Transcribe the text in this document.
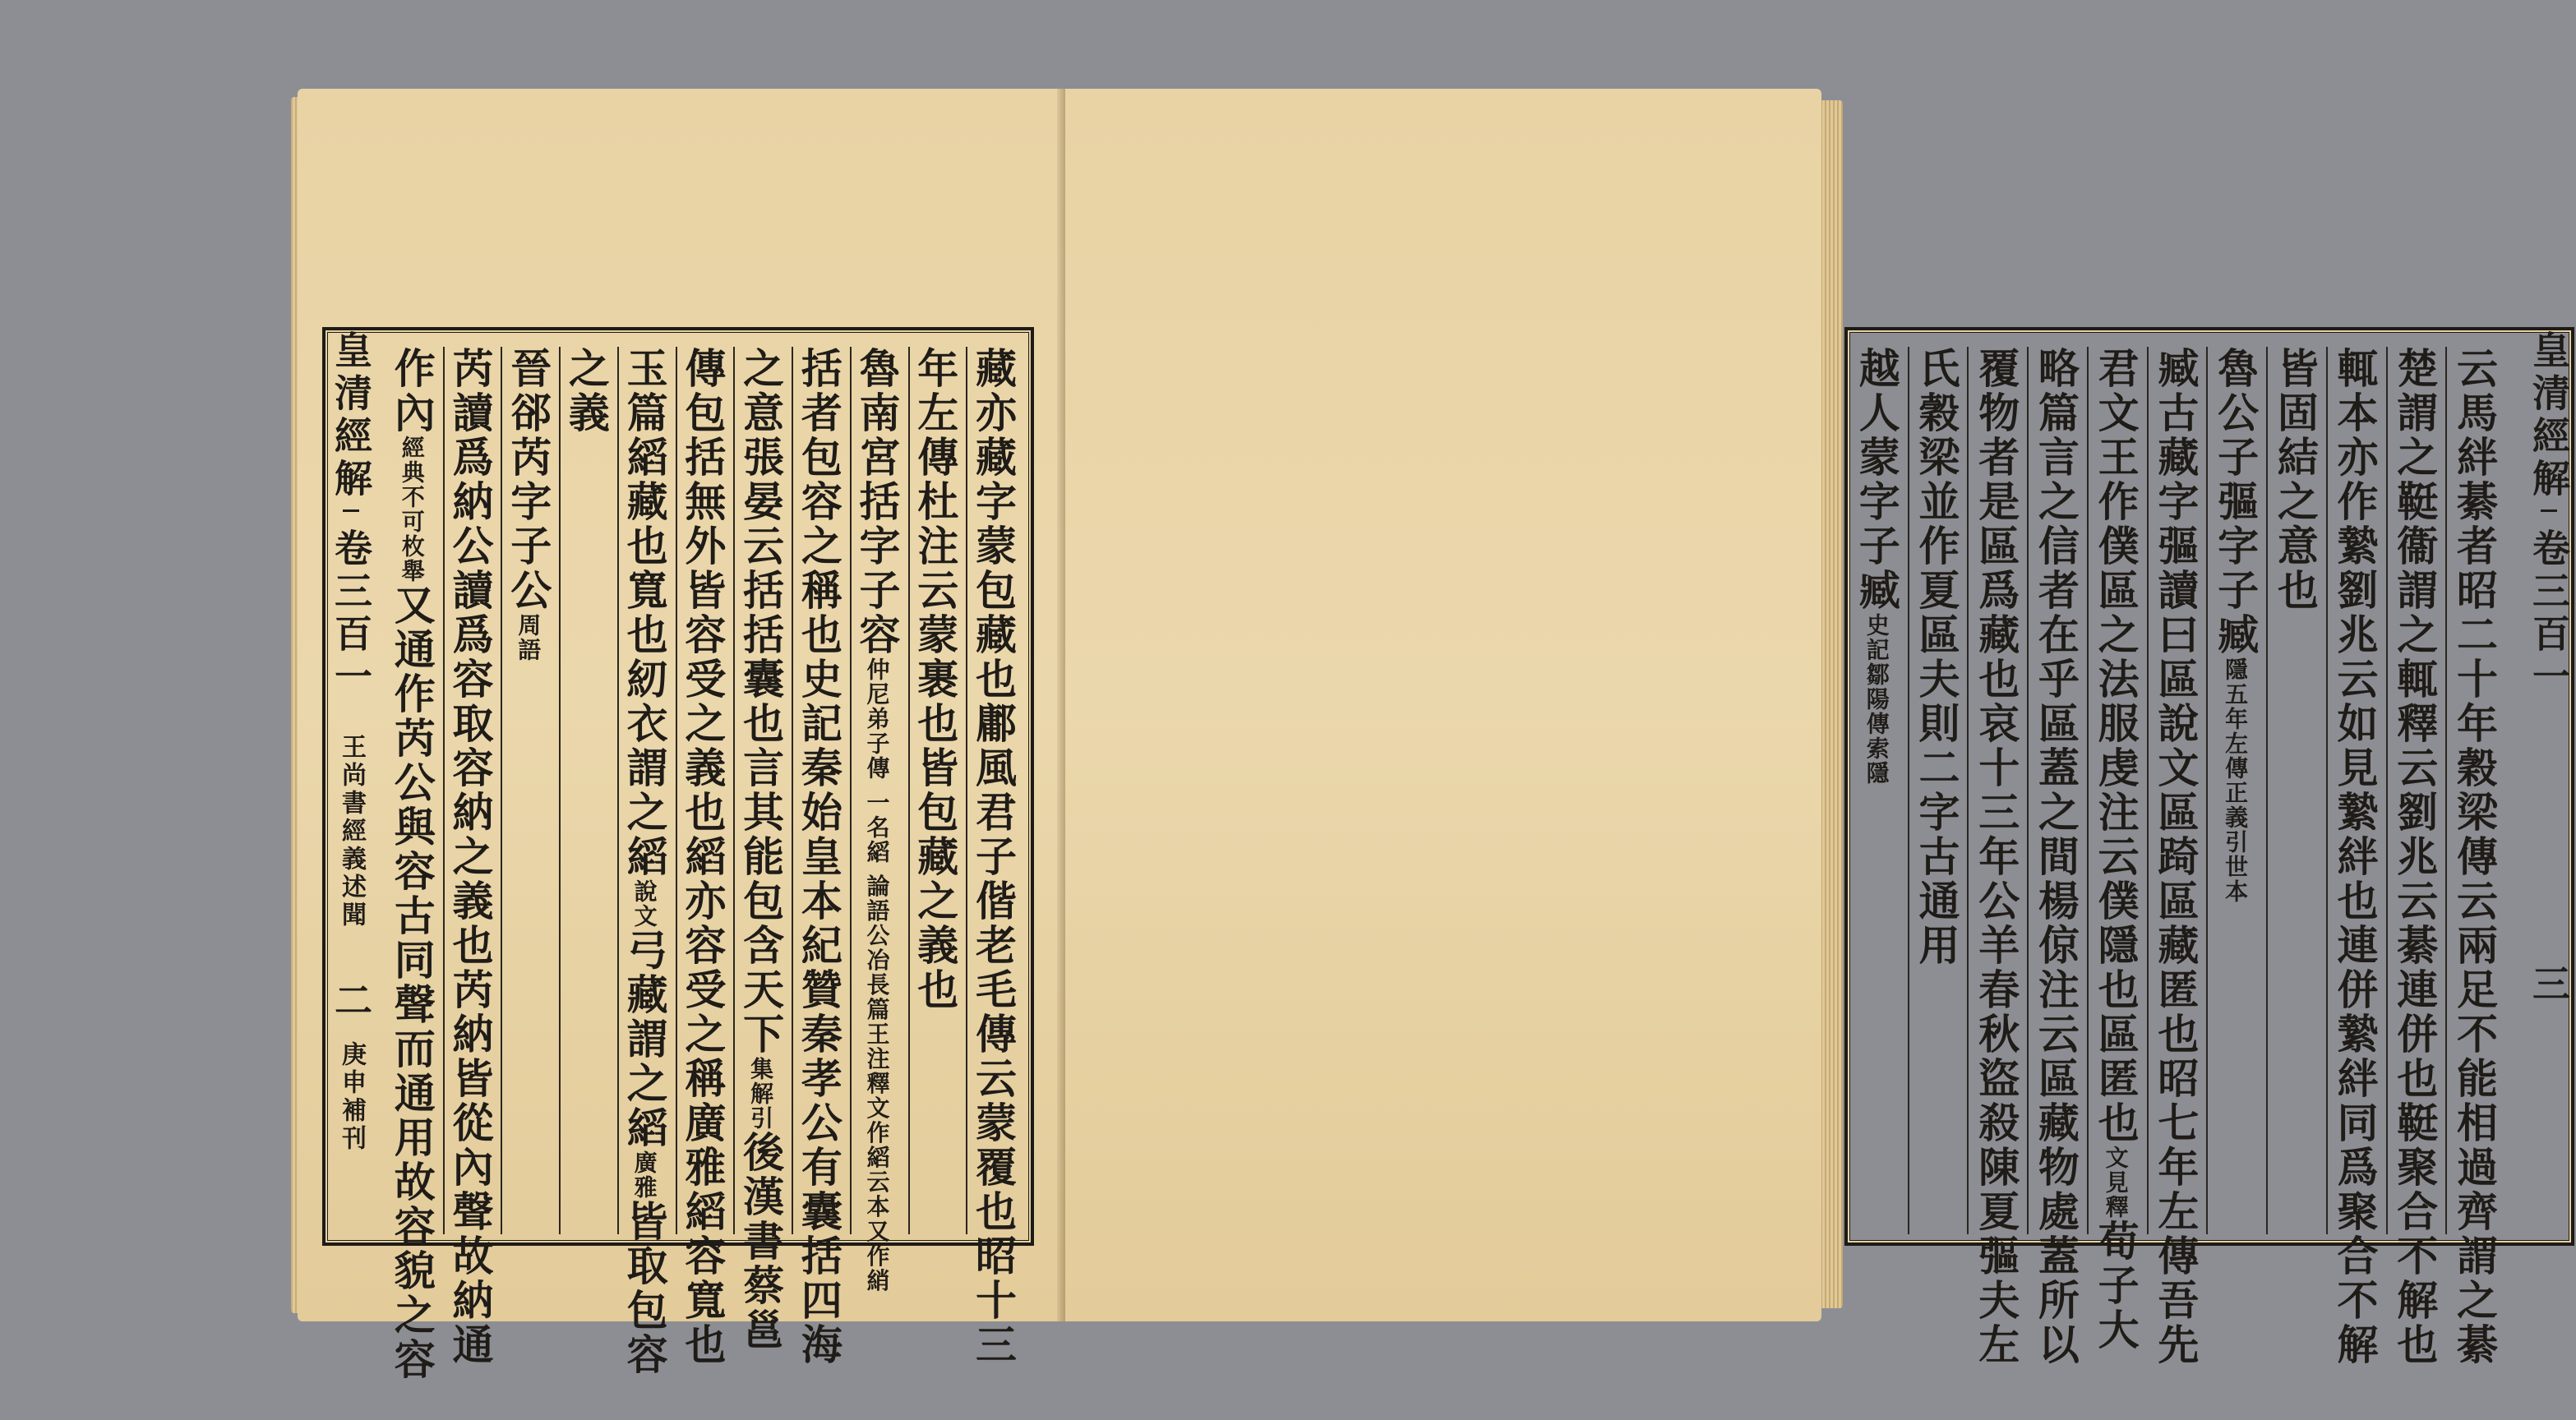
藏亦藏字蒙包藏也鄘風君子偕老毛傳云蒙覆也昭十三
年左傳杜注云蒙裹也皆包藏之義也
魯南宮括字子容仲尼弟子傳 一名縚 論語公冶長篇王注釋文作縚云本又作綃
括者包容之稱也史記秦始皇本紀贊秦孝公有囊括四海
之意張晏云括括囊也言其能包含天下集解引後漢書蔡邕
傳包括無外皆容受之義也縚亦容受之稱廣雅縚容寬也
玉篇縚藏也寬也紉衣謂之縚說文弓藏謂之縚廣雅皆取包容
之義
晉郤芮字子公周語
芮讀爲納公讀爲容取容納之義也芮納皆從內聲故納通
作內經典不可枚舉又通作芮公與容古同聲而通用故容貌之容
皇清經解卷三百一 王尚書經義述聞 二 庚申補刊	云馬絆綦者昭二十年穀梁傳云兩足不能相過齊謂之綦
楚謂之䩠衞謂之輒釋云劉兆云綦連併也䩠聚合不解也
輒本亦作縶劉兆云如見縶絆也連併縶絆同爲聚合不解
皆固結之意也
魯公子彄字子臧隱五年左傳正義引世本
臧古藏字彄讀曰區說文區踦區藏匿也昭七年左傳吾先
君文王作僕區之法服虔注云僕隱也區匿也文見釋荀子大
略篇言之信者在乎區蓋之間楊倞注云區藏物處蓋所以
覆物者是區爲藏也哀十三年公羊春秋盜殺陳夏彄夫左
氏穀梁並作夏區夫則二字古通用
越人蒙字子臧史記鄒陽傳索隱
皇清經解卷三百一 三
